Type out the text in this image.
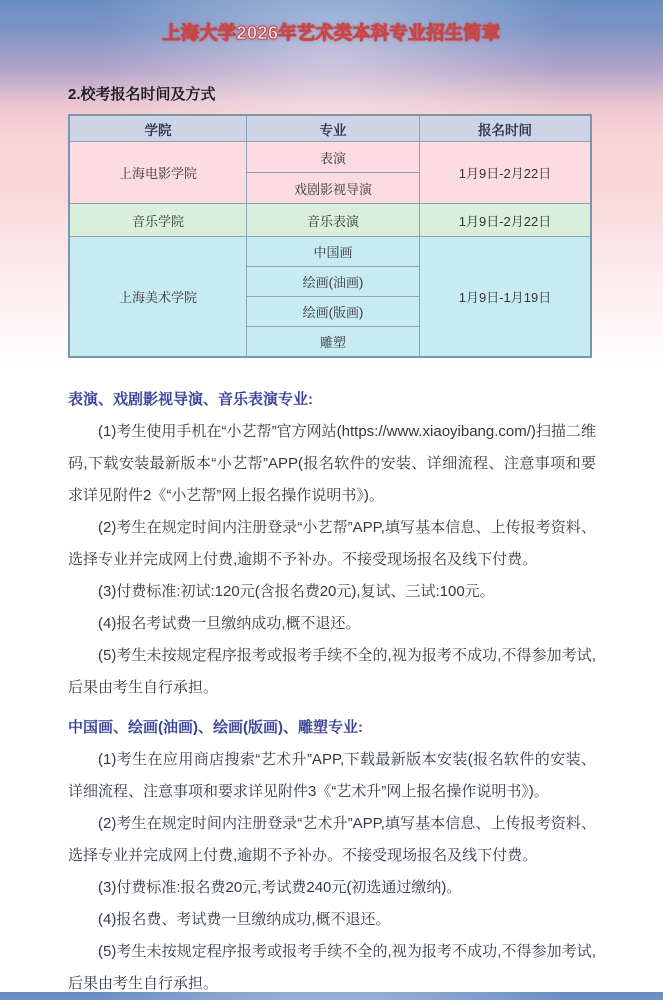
上海大学2026年艺术类本科专业招生简章
2.校考报名时间及方式
学院	专业	报名时间
上海电影学院	表演	1月9日-2月22日
	戏剧影视导演	
音乐学院	音乐表演	1月9日-2月22日
上海美术学院	中国画	1月9日-1月19日
	绘画(油画)	
	绘画(版画)	
	雕塑	
表演、戏剧影视导演、音乐表演专业:

(1)考生使用手机在“小艺帮”官方网站(https://www.xiaoyibang.com/)扫描二维码,下载安装最新版本“小艺帮”APP(报名软件的安装、详细流程、注意事项和要求详见附件2《“小艺帮”网上报名操作说明书》)。

(2)考生在规定时间内注册登录“小艺帮”APP,填写基本信息、上传报考资料、选择专业并完成网上付费,逾期不予补办。不接受现场报名及线下付费。

(3)付费标准:初试:120元(含报名费20元),复试、三试:100元。

(4)报名考试费一旦缴纳成功,概不退还。

(5)考生未按规定程序报考或报考手续不全的,视为报考不成功,不得参加考试,后果由考生自行承担。

中国画、绘画(油画)、绘画(版画)、雕塑专业:

(1)考生在应用商店搜索“艺术升”APP,下载最新版本安装(报名软件的安装、详细流程、注意事项和要求详见附件3《“艺术升”网上报名操作说明书》)。

(2)考生在规定时间内注册登录“艺术升”APP,填写基本信息、上传报考资料、选择专业并完成网上付费,逾期不予补办。不接受现场报名及线下付费。

(3)付费标准:报名费20元,考试费240元(初选通过缴纳)。

(4)报名费、考试费一旦缴纳成功,概不退还。

(5)考生未按规定程序报考或报考手续不全的,视为报考不成功,不得参加考试,后果由考生自行承担。
